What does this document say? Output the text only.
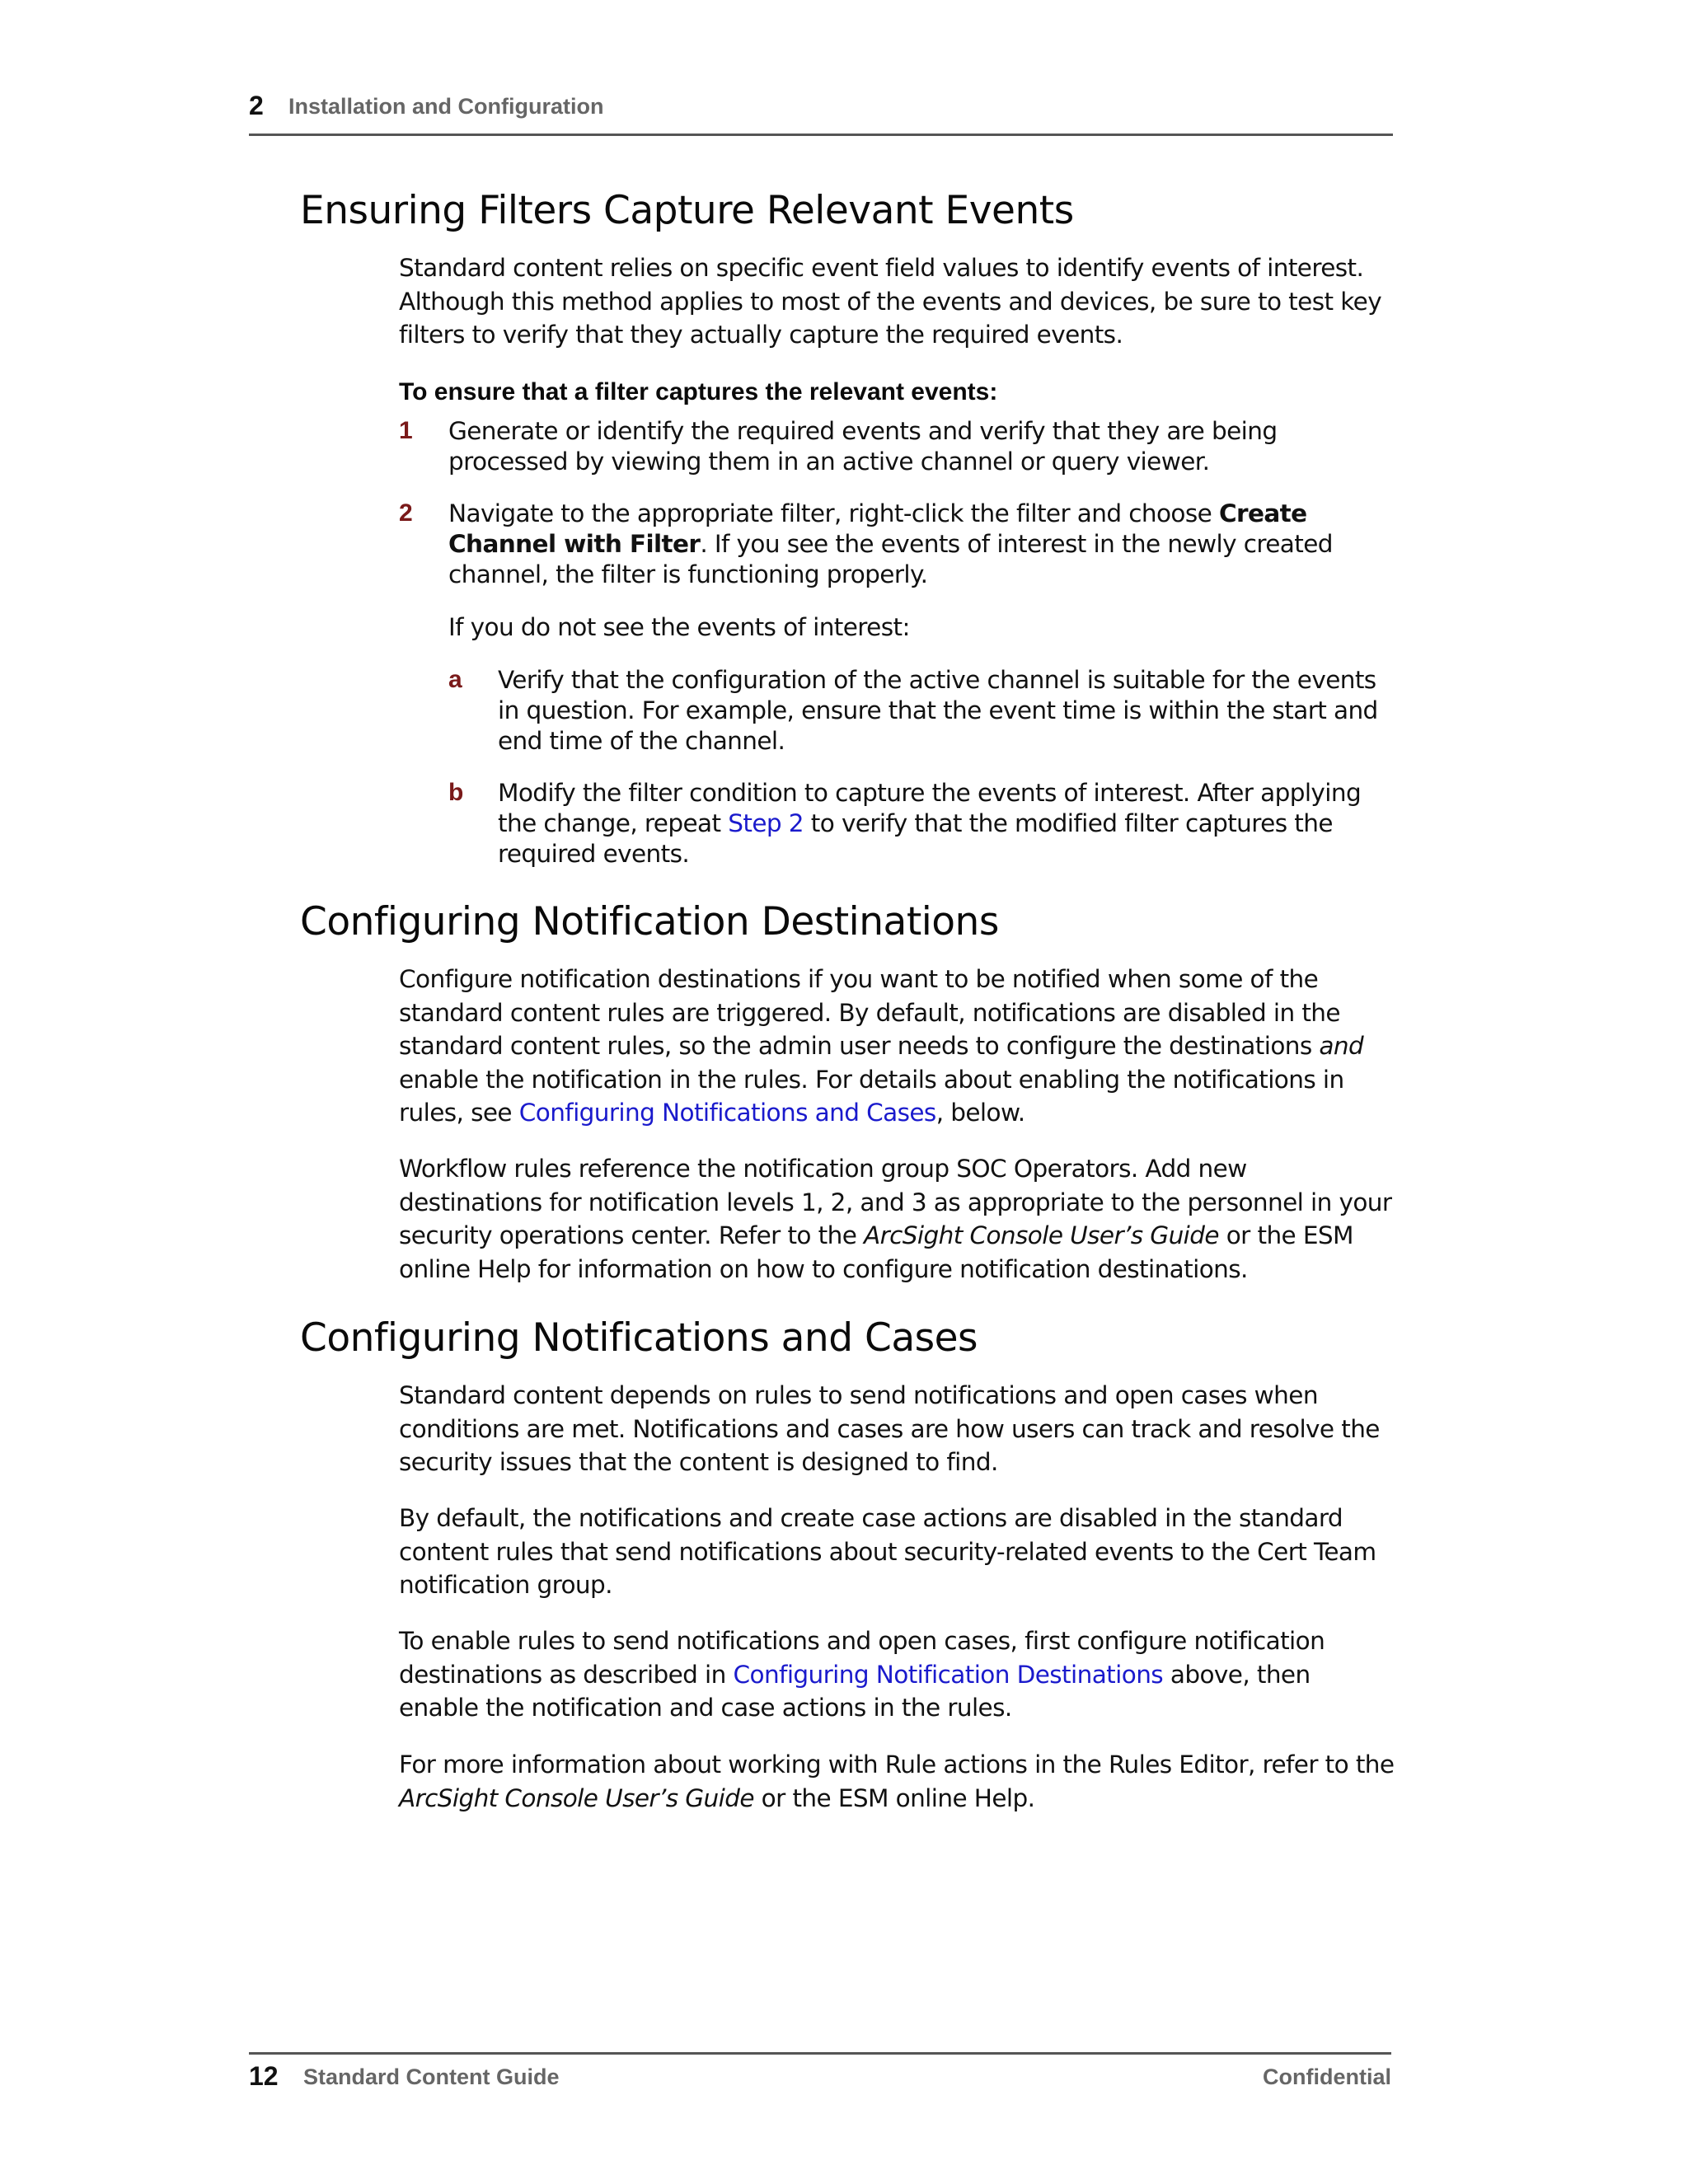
2 Installation and Configuration
Ensuring Filters Capture Relevant Events

Standard content relies on specific event field values to identify events of interest. Although this method applies to most of the events and devices, be sure to test key filters to verify that they actually capture the required events.

To ensure that a filter captures the relevant events:
1 Generate or identify the required events and verify that they are being processed by viewing them in an active channel or query viewer.
2 Navigate to the appropriate filter, right-click the filter and choose Create Channel with Filter. If you see the events of interest in the newly created channel, the filter is functioning properly.
If you do not see the events of interest:
a Verify that the configuration of the active channel is suitable for the events in question. For example, ensure that the event time is within the start and end time of the channel.
b Modify the filter condition to capture the events of interest. After applying the change, repeat Step 2 to verify that the modified filter captures the required events.
Configuring Notification Destinations

Configure notification destinations if you want to be notified when some of the standard content rules are triggered. By default, notifications are disabled in the standard content rules, so the admin user needs to configure the destinations and enable the notification in the rules. For details about enabling the notifications in rules, see Configuring Notifications and Cases, below.

Workflow rules reference the notification group SOC Operators. Add new destinations for notification levels 1, 2, and 3 as appropriate to the personnel in your security operations center. Refer to the ArcSight Console User’s Guide or the ESM online Help for information on how to configure notification destinations.

Configuring Notifications and Cases

Standard content depends on rules to send notifications and open cases when conditions are met. Notifications and cases are how users can track and resolve the security issues that the content is designed to find.

By default, the notifications and create case actions are disabled in the standard content rules that send notifications about security-related events to the Cert Team notification group.

To enable rules to send notifications and open cases, first configure notification destinations as described in Configuring Notification Destinations above, then enable the notification and case actions in the rules.

For more information about working with Rule actions in the Rules Editor, refer to the ArcSight Console User’s Guide or the ESM online Help.

12 Standard Content Guide	Confidential
